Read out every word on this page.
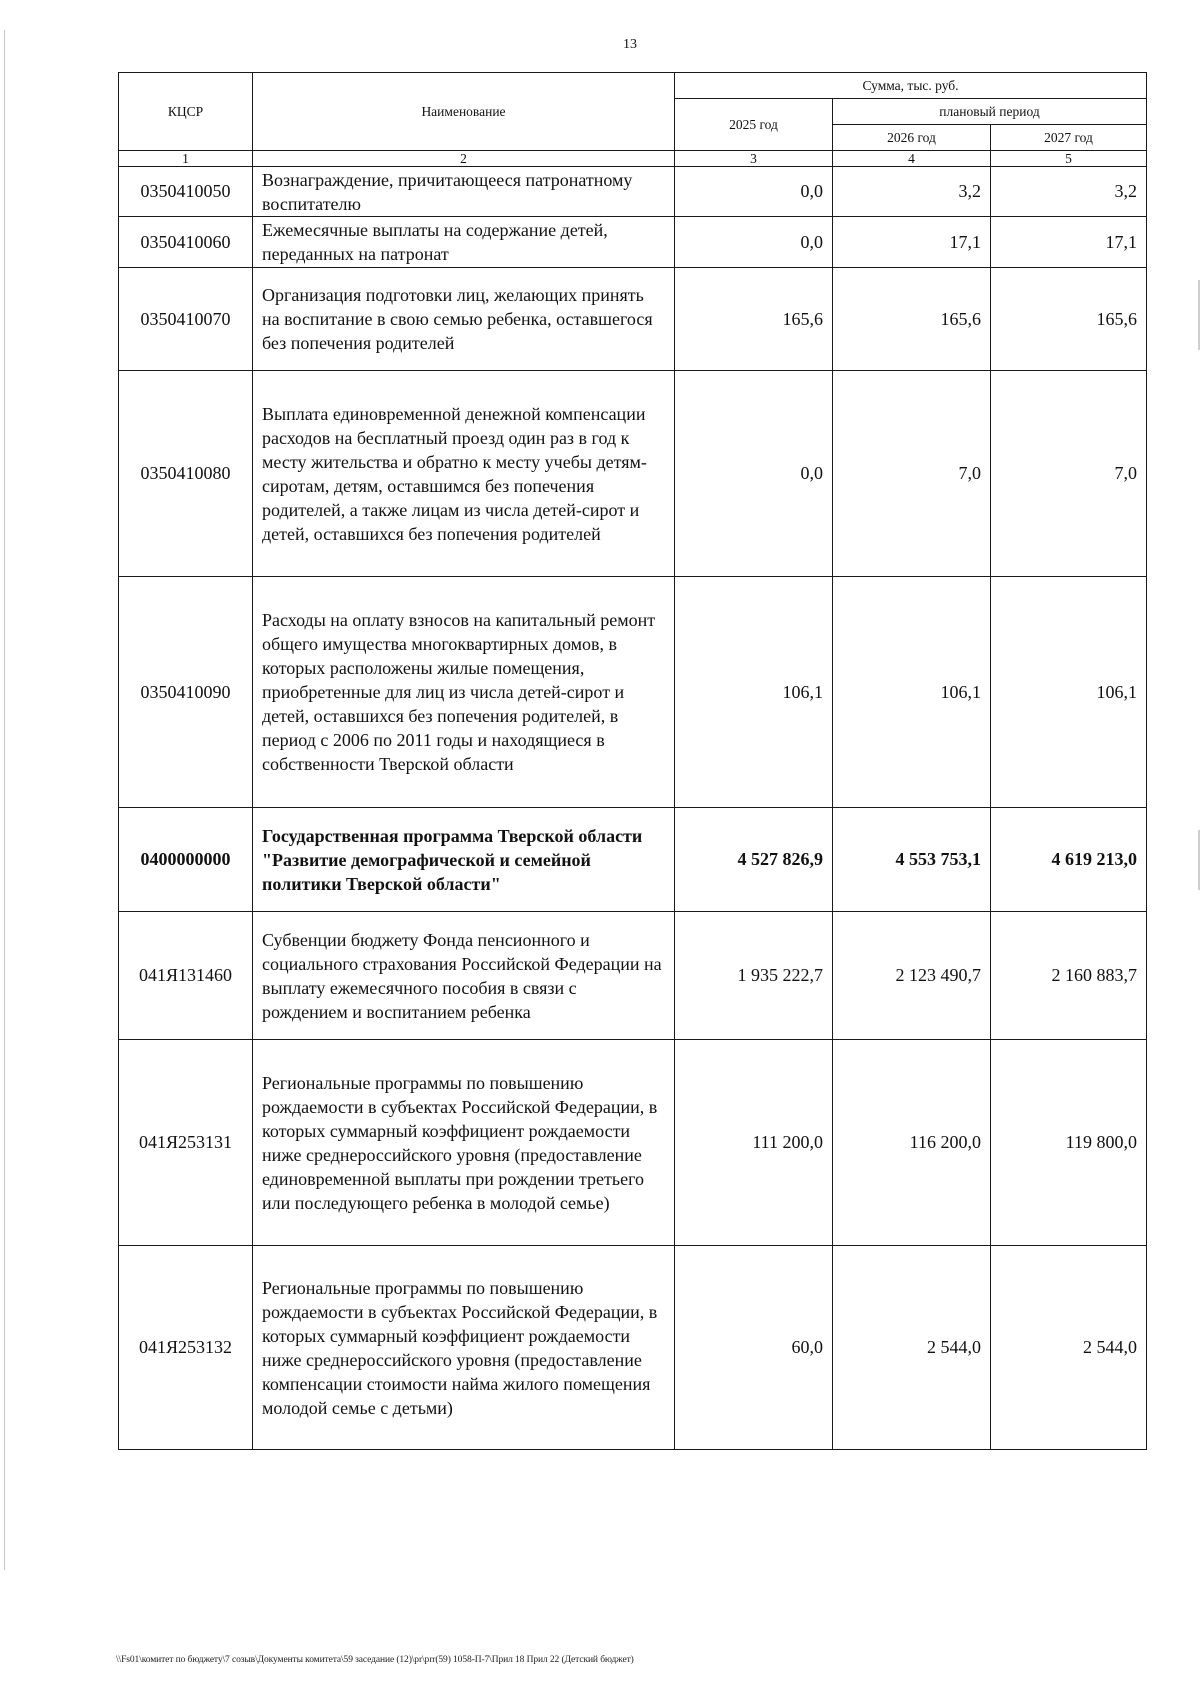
13
КЦСР	Наименование	Сумма, тыс. руб.		
		2025 год	плановый период	
			2026 год	2027 год
1	2	3	4	5
0350410050	Вознаграждение, причитающееся патронатному воспитателю	0,0	3,2	3,2
0350410060	Ежемесячные выплаты на содержание детей, переданных на патронат	0,0	17,1	17,1
0350410070	Организация подготовки лиц, желающих принять на воспитание в свою семью ребенка, оставшегося без попечения родителей	165,6	165,6	165,6
0350410080	Выплата единовременной денежной компенсации расходов на бесплатный проезд один раз в год к месту жительства и обратно к месту учебы детям-сиротам, детям, оставшимся без попечения родителей, а также лицам из числа детей-сирот и детей, оставшихся без попечения родителей	0,0	7,0	7,0
0350410090	Расходы на оплату взносов на капитальный ремонт общего имущества многоквартирных домов, в которых расположены жилые помещения, приобретенные для лиц из числа детей-сирот и детей, оставшихся без попечения родителей, в период с 2006 по 2011 годы и находящиеся в собственности Тверской области	106,1	106,1	106,1
0400000000	Государственная программа Тверской области "Развитие демографической и семейной политики Тверской области"	4 527 826,9	4 553 753,1	4 619 213,0
041Я131460	Субвенции бюджету Фонда пенсионного и социального страхования Российской Федерации на выплату ежемесячного пособия в связи с рождением и воспитанием ребенка	1 935 222,7	2 123 490,7	2 160 883,7
041Я253131	Региональные программы по повышению рождаемости в субъектах Российской Федерации, в которых суммарный коэффициент рождаемости ниже среднероссийского уровня (предоставление единовременной выплаты при рождении третьего или последующего ребенка в молодой семье)	111 200,0	116 200,0	119 800,0
041Я253132	Региональные программы по повышению рождаемости в субъектах Российской Федерации, в которых суммарный коэффициент рождаемости ниже среднероссийского уровня (предоставление компенсации стоимости найма жилого помещения молодой семье с детьми)	60,0	2 544,0	2 544,0
\\Fs01\комитет по бюджету\7 созыв\Документы комитета\59 заседание (12)\pr\prr(59) 1058-П-7\Прил 18 Прил 22 (Детский бюджет)
